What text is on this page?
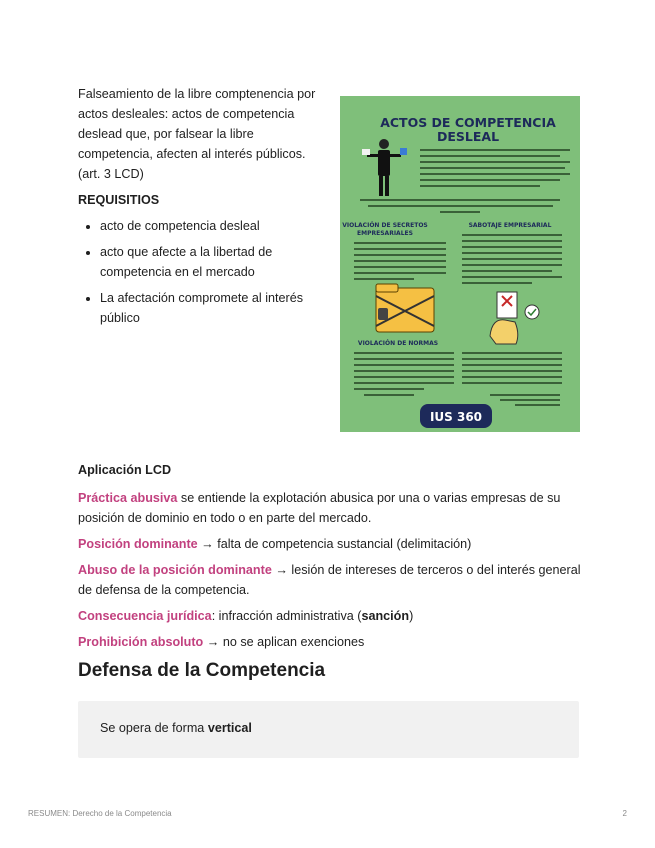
Falseamiento de la libre comptenencia por actos desleales: actos de competencia deslead que, por falsear la libre competencia, afecten al interés públicos. (art. 3 LCD)

REQUISITIOS

acto de competencia desleal
acto que afecte a la libertad de competencia en el mercado
La afectación compromete al interés público
ACTOS DE COMPETENCIA
DESLEAL
VIOLACIÓN DE SECRETOS
EMPRESARIALES
SABOTAJE EMPRESARIAL
VIOLACIÓN DE NORMAS
IUS 360

Aplicación LCD

Práctica abusiva se entiende la explotación abusica por una o varias empresas de su posición de dominio en todo o en parte del mercado.

Posición dominante → falta de competencia sustancial (delimitación)

Abuso de la posición dominante → lesión de intereses de terceros o del interés general de defensa de la competencia.

Consecuencia jurídica: infracción administrativa (sanción)

Prohibición absoluto → no se aplican exenciones

Defensa de la Competencia
Se opera de forma vertical
RESUMEN: Derecho de la Competencia	2
